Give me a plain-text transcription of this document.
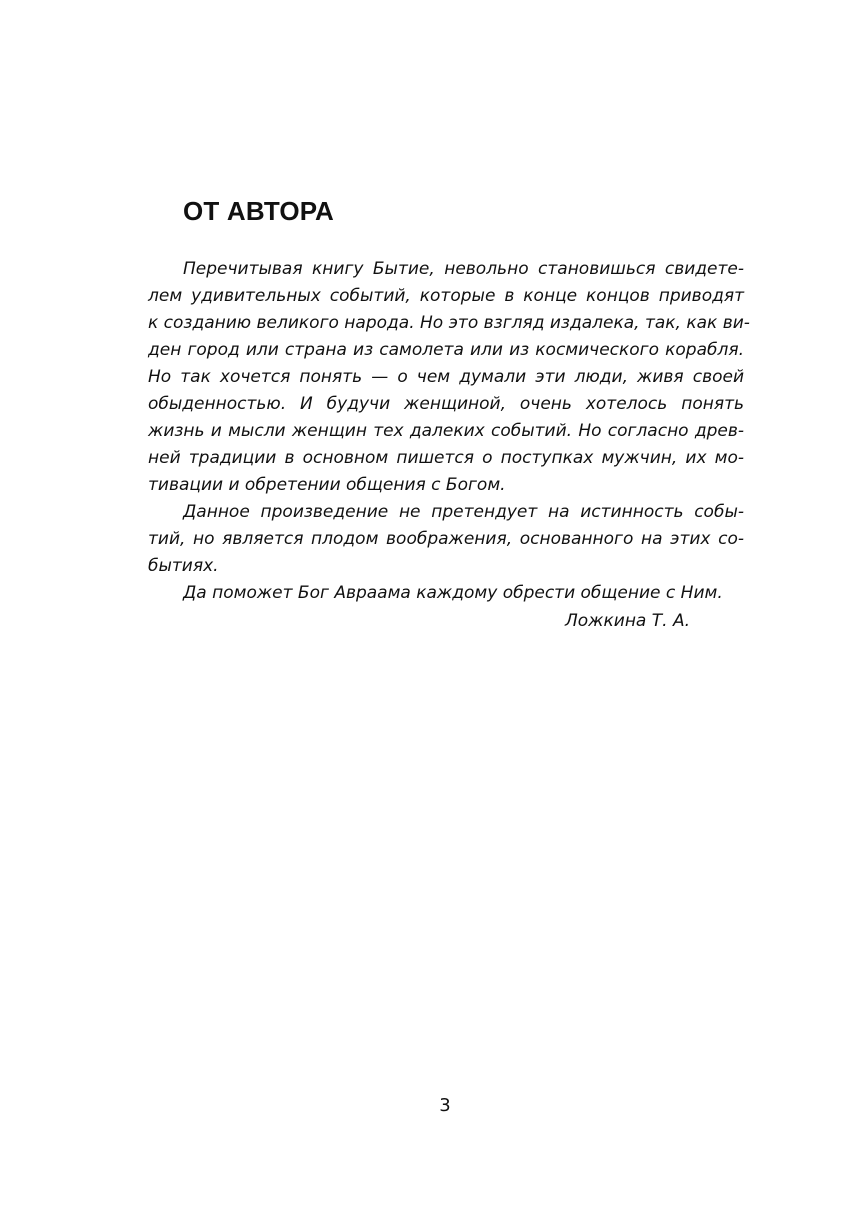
ОТ АВТОРА
Перечитывая книгу Бытие, невольно становишься свидете-
лем удивительных событий, которые в конце концов приводят
к созданию великого народа. Но это взгляд издалека, так, как ви-
ден город или страна из самолета или из космического корабля.
Но так хочется понять — о чем думали эти люди, живя своей
обыденностью. И будучи женщиной, очень хотелось понять
жизнь и мысли женщин тех далеких событий. Но согласно древ-
ней традиции в основном пишется о поступках мужчин, их мо-
тивации и обретении общения с Богом.
Данное произведение не претендует на истинность собы-
тий, но является плодом воображения, основанного на этих со-
бытиях.
Да поможет Бог Авраама каждому обрести общение с Ним.
Ложкина Т. А.
3
